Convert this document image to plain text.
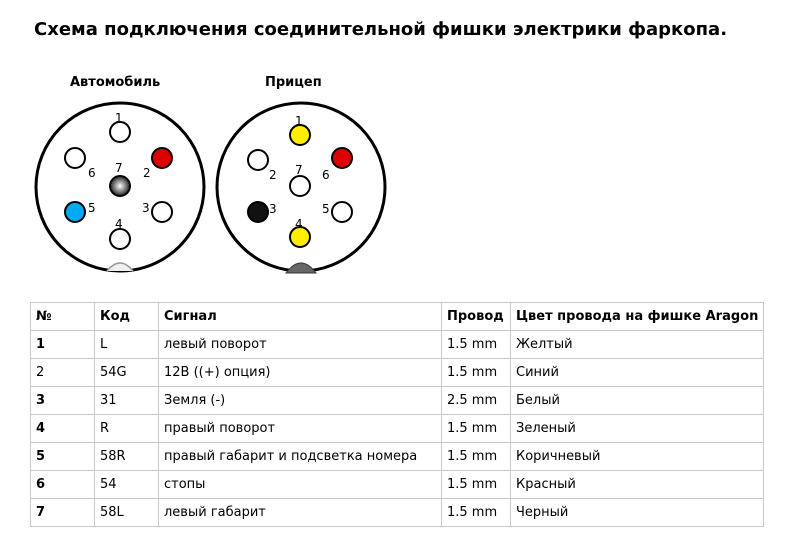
Схема подключения соединительной фишки электрики фаркопа.
Автомобиль	Прицеп
1
2
3
4
5
6 7
1
2
3
4
5
6
7
№	Код	Сигнал	Провод	Цвет провода на фишке Aragon
1	L	левый поворот	1.5 mm	Желтый
2	54G	12В ((+) опция)	1.5 mm	Синий
3	31	Земля (-)	2.5 mm	Белый
4	R	правый поворот	1.5 mm	Зеленый
5	58R	правый габарит и подсветка номера	1.5 mm	Коричневый
6	54	стопы	1.5 mm	Красный
7	58L	левый габарит	1.5 mm	Черный
